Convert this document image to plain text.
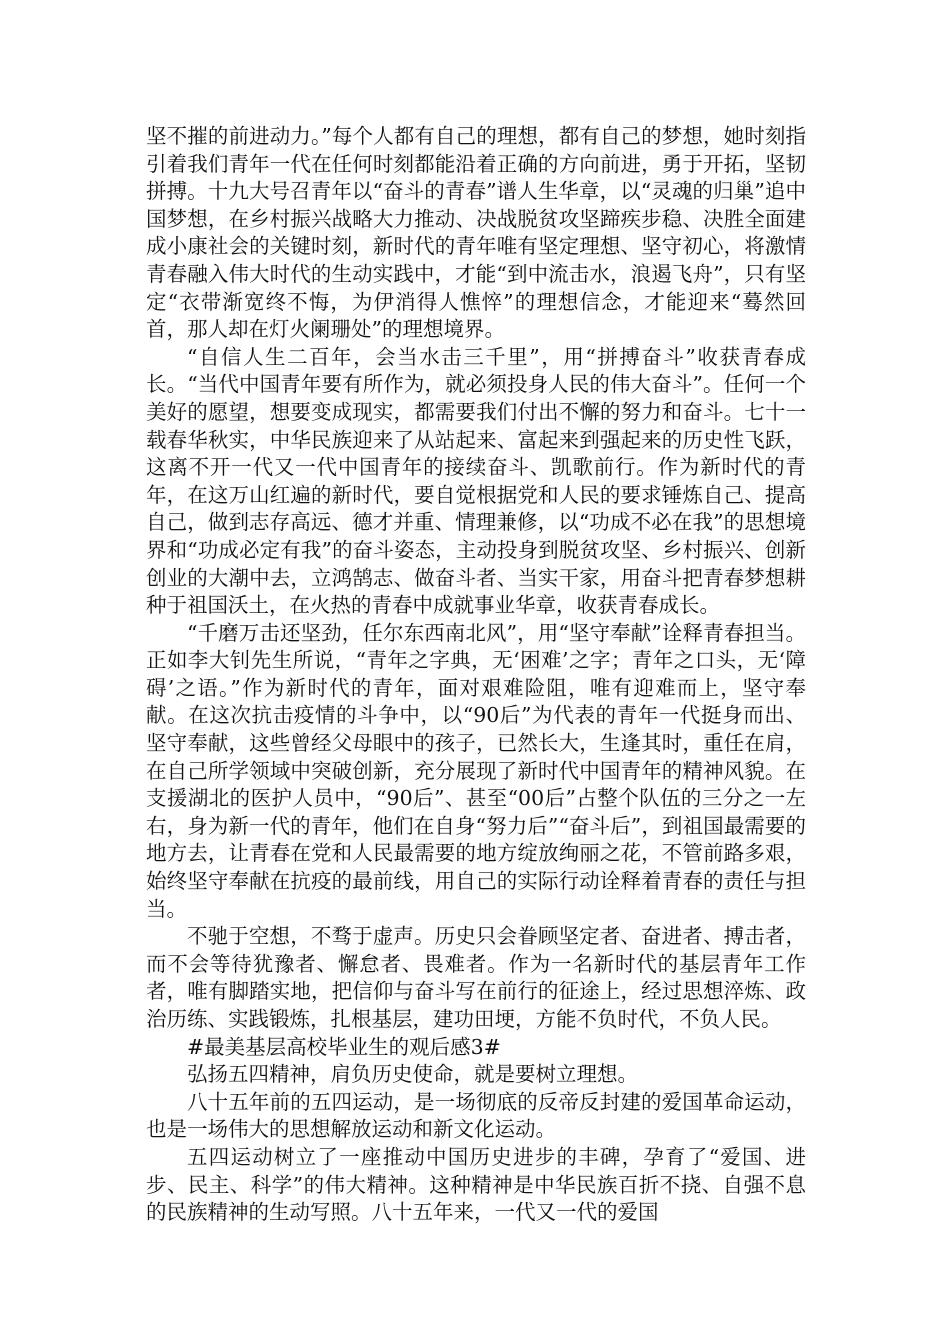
坚不摧的前进动力。”每个人都有自己的理想，都有自己的梦想，她时刻指引着我们青年一代在任何时刻都能沿着正确的方向前进，勇于开拓，坚韧拼搏。十九大号召青年以“奋斗的青春”谱人生华章，以“灵魂的归巢”追中国梦想，在乡村振兴战略大力推动、决战脱贫攻坚蹄疾步稳、决胜全面建成小康社会的关键时刻，新时代的青年唯有坚定理想、坚守初心，将激情青春融入伟大时代的生动实践中，才能“到中流击水，浪遏飞舟”，只有坚定“衣带渐宽终不悔，为伊消得人憔悴”的理想信念，才能迎来“蓦然回首，那人却在灯火阑珊处”的理想境界。

“自信人生二百年，会当水击三千里”，用“拼搏奋斗”收获青春成长。“当代中国青年要有所作为，就必须投身人民的伟大奋斗”。任何一个美好的愿望，想要变成现实，都需要我们付出不懈的努力和奋斗。七十一载春华秋实，中华民族迎来了从站起来、富起来到强起来的历史性飞跃，这离不开一代又一代中国青年的接续奋斗、凯歌前行。作为新时代的青年，在这万山红遍的新时代，要自觉根据党和人民的要求锤炼自己、提高自己，做到志存高远、德才并重、情理兼修，以“功成不必在我”的思想境界和“功成必定有我”的奋斗姿态，主动投身到脱贫攻坚、乡村振兴、创新创业的大潮中去，立鸿鹄志、做奋斗者、当实干家，用奋斗把青春梦想耕种于祖国沃土，在火热的青春中成就事业华章，收获青春成长。

“千磨万击还坚劲，任尔东西南北风”，用“坚守奉献”诠释青春担当。正如李大钊先生所说，“青年之字典，无‘困难’之字；青年之口头，无‘障碍’之语。”作为新时代的青年，面对艰难险阻，唯有迎难而上，坚守奉献。在这次抗击疫情的斗争中，以“90后”为代表的青年一代挺身而出、坚守奉献，这些曾经父母眼中的孩子，已然长大，生逢其时，重任在肩，在自己所学领域中突破创新，充分展现了新时代中国青年的精神风貌。在支援湖北的医护人员中，“90后”、甚至“00后”占整个队伍的三分之一左右，身为新一代的青年，他们在自身“努力后”“奋斗后”，到祖国最需要的地方去，让青春在党和人民最需要的地方绽放绚丽之花，不管前路多艰，始终坚守奉献在抗疫的最前线，用自己的实际行动诠释着青春的责任与担当。

不驰于空想，不骛于虚声。历史只会眷顾坚定者、奋进者、搏击者，而不会等待犹豫者、懈怠者、畏难者。作为一名新时代的基层青年工作者，唯有脚踏实地，把信仰与奋斗写在前行的征途上，经过思想淬炼、政治历练、实践锻炼，扎根基层，建功田埂，方能不负时代，不负人民。

#最美基层高校毕业生的观后感3#

弘扬五四精神，肩负历史使命，就是要树立理想。

八十五年前的五四运动，是一场彻底的反帝反封建的爱国革命运动，也是一场伟大的思想解放运动和新文化运动。

五四运动树立了一座推动中国历史进步的丰碑，孕育了“爱国、进步、民主、科学”的伟大精神。这种精神是中华民族百折不挠、自强不息的民族精神的生动写照。八十五年来，一代又一代的爱国
